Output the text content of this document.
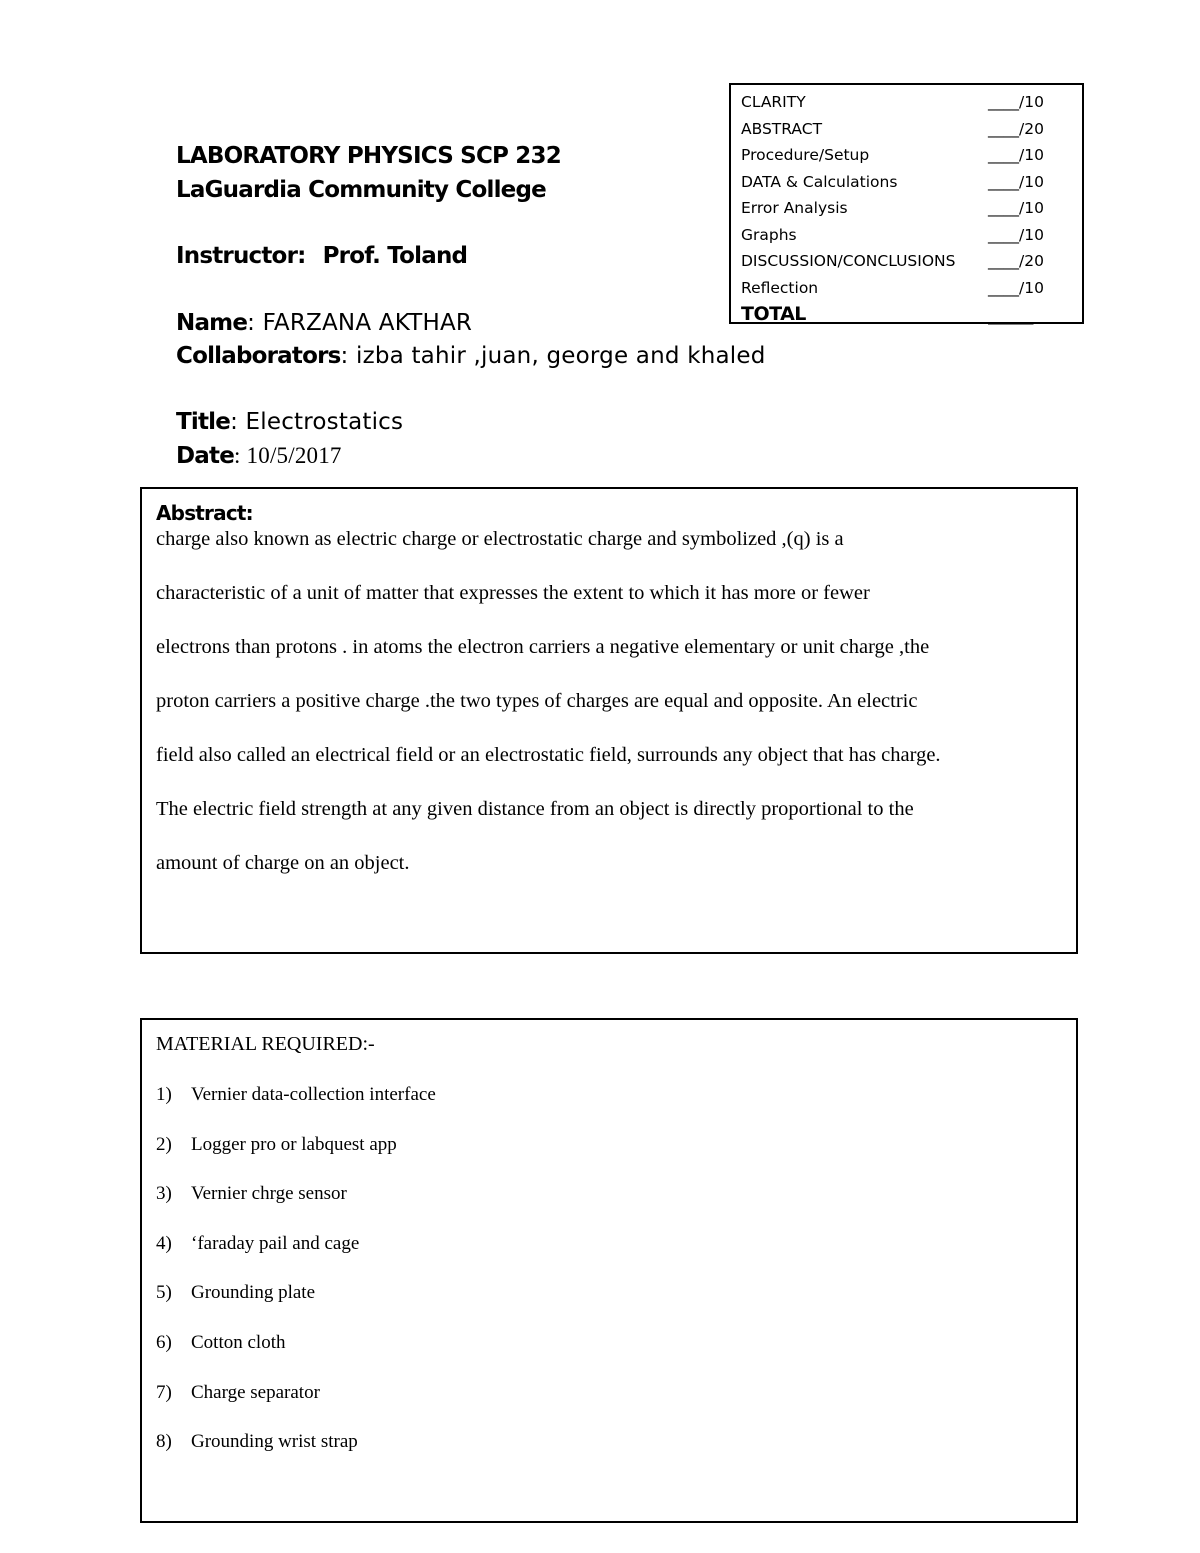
CLARITY	____/10
ABSTRACT	____/20
Procedure/Setup	____/10
DATA & Calculations	____/10
Error Analysis	____/10
Graphs	____/10
DISCUSSION/CONCLUSIONS ____/20
Reflection	____/10
TOTAL	_____
LABORATORY PHYSICS SCP 232
LaGuardia Community College
Instructor: Prof. Toland
Name: FARZANA AKTHAR
Collaborators: izba tahir ,juan, george and khaled
Title: Electrostatics
Date: 10/5/2017
Abstract:
charge also known as electric charge or electrostatic charge and symbolized ,(q) is a
characteristic of a unit of matter that expresses the extent to which it has more or fewer
electrons than protons . in atoms the electron carriers a negative elementary or unit charge ,the
proton carriers a positive charge .the two types of charges are equal and opposite. An electric
field also called an electrical field or an electrostatic field, surrounds any object that has charge.
The electric field strength at any given distance from an object is directly proportional to the
amount of charge on an object.
MATERIAL REQUIRED:-
1) Vernier data-collection interface
2) Logger pro or labquest app
3) Vernier chrge sensor
4) ‘faraday pail and cage
5) Grounding plate
6) Cotton cloth
7) Charge separator
8) Grounding wrist strap
